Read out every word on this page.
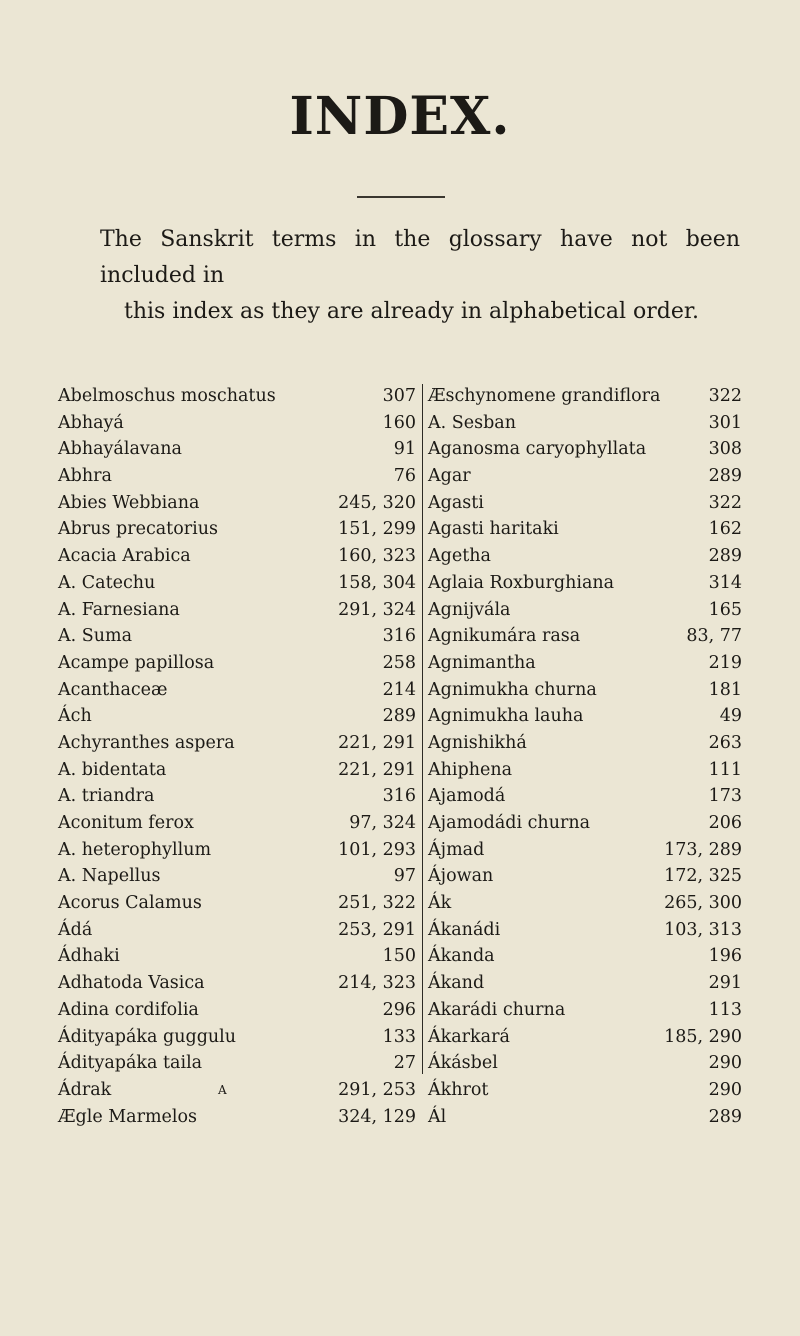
INDEX.
The Sanskrit terms in the glossary have not been included in
this index as they are already in alphabetical order.
Abelmoschus moschatus	307
Abhayá	160
Abhayálavana	91
Abhra	76
Abies Webbiana	245, 320
Abrus precatorius	151, 299
Acacia Arabica	160, 323
A. Catechu	158, 304
A. Farnesiana	291, 324
A. Suma	316
Acampe papillosa	258
Acanthaceæ	214
Ách	289
Achyranthes aspera	221, 291
A. bidentata	221, 291
A. triandra	316
Aconitum ferox	97, 324
A. heterophyllum	101, 293
A. Napellus	97
Acorus Calamus	251, 322
Ádá	253, 291
Ádhaki	150
Adhatoda Vasica	214, 323
Adina cordifolia	296
Ádityapáka guggulu	133
Ádityapáka taila	27
Ádrak	291, 253
Ægle Marmelos	324, 129
Æschynomene grandiflora	322
A. Sesban	301
Aganosma caryophyllata	308
Agar	289
Agasti	322
Agasti haritaki	162
Agetha	289
Aglaia Roxburghiana	314
Agnijvála	165
Agnikumára rasa	83, 77
Agnimantha	219
Agnimukha churna	181
Agnimukha lauha	49
Agnishikhá	263
Ahiphena	111
Ajamodá	173
Ajamodádi churna	206
Ájmad	173, 289
Ájowan	172, 325
Ák	265, 300
Ákanádi	103, 313
Ákanda	196
Ákand	291
Akarádi churna	113
Ákarkará	185, 290
Ákásbel	290
Ákhrot	290
Ál	289
A
